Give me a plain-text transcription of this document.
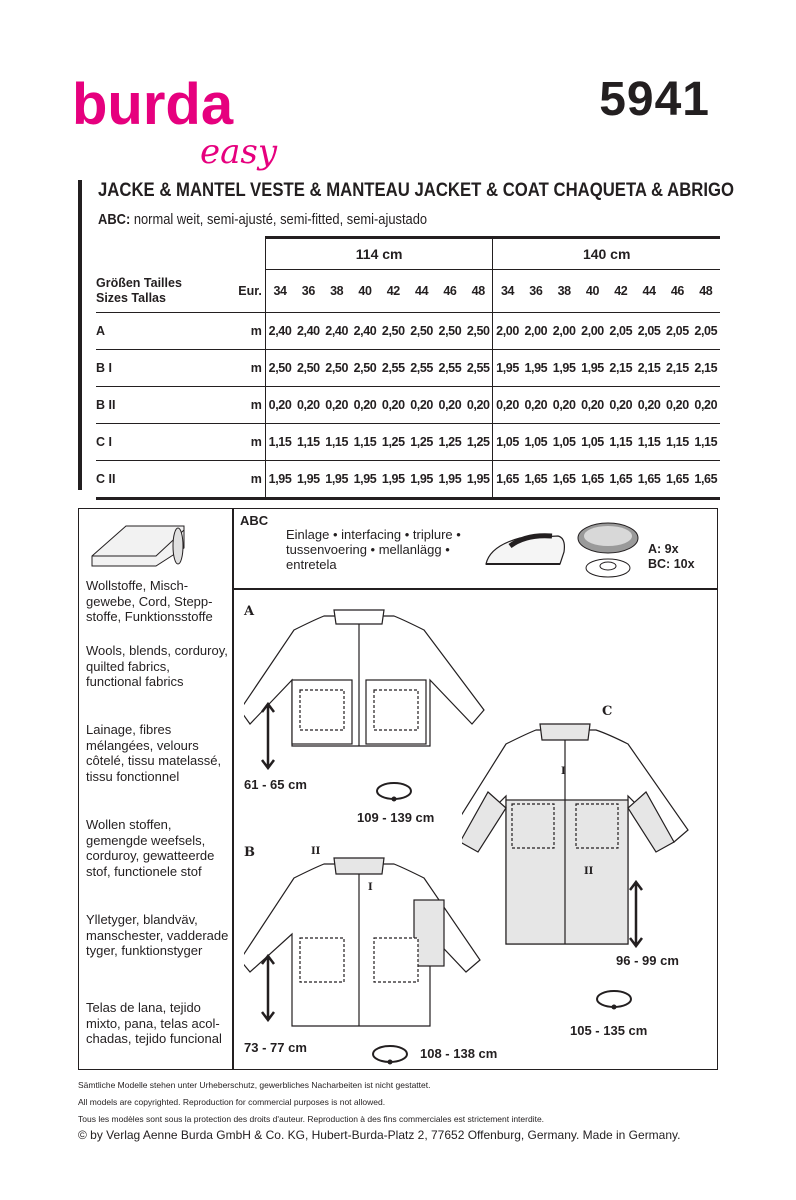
burda
easy
5941
JACKE & MANTEL VESTE & MANTEAU JACKET & COAT CHAQUETA & ABRIGO
ABC: normal weit, semi-ajusté, semi-fitted, semi-ajustado
		114 cm								140 cm							
Größen Tailles
Sizes Tallas	Eur.	34	36	38	40	42	44	46	48	34	36	38	40	42	44	46	48
A	m	2,40	2,40	2,40	2,40	2,50	2,50	2,50	2,50	2,00	2,00	2,00	2,00	2,05	2,05	2,05	2,05
B I	m	2,50	2,50	2,50	2,50	2,55	2,55	2,55	2,55	1,95	1,95	1,95	1,95	2,15	2,15	2,15	2,15
B II	m	0,20	0,20	0,20	0,20	0,20	0,20	0,20	0,20	0,20	0,20	0,20	0,20	0,20	0,20	0,20	0,20
C I	m	1,15	1,15	1,15	1,15	1,25	1,25	1,25	1,25	1,05	1,05	1,05	1,05	1,15	1,15	1,15	1,15
C II	m	1,95	1,95	1,95	1,95	1,95	1,95	1,95	1,95	1,65	1,65	1,65	1,65	1,65	1,65	1,65	1,65
Wollstoffe, Misch-
gewebe, Cord, Stepp-
stoffe, Funktionsstoffe
Wools, blends, corduroy,
quilted fabrics,
functional fabrics
Lainage, fibres
mélangées, velours
côtelé, tissu matelassé,
tissu fonctionnel
Wollen stoffen,
gemengde weefsels,
corduroy, gewatteerde
stof, functionele stof
Ylletyger, blandväv,
manschester, vadderade
tyger, funktionstyger
Telas de lana, tejido
mixto, pana, telas acol-
chadas, tejido funcional
ABC
Einlage • interfacing • triplure •
tussenvoering • mellanlägg •
entretela
A: 9x
BC: 10x
A
61 - 65 cm
109 - 139 cm
B	II
I
73 - 77 cm	108 - 138 cm
C
I
II
96 - 99 cm
105 - 135 cm
Sämtliche Modelle stehen unter Urheberschutz, gewerbliches Nacharbeiten ist nicht gestattet.
All models are copyrighted. Reproduction for commercial purposes is not allowed.
Tous les modèles sont sous la protection des droits d'auteur. Reproduction à des fins commerciales est strictement interdite.
© by Verlag Aenne Burda GmbH & Co. KG, Hubert-Burda-Platz 2, 77652 Offenburg, Germany. Made in Germany.
